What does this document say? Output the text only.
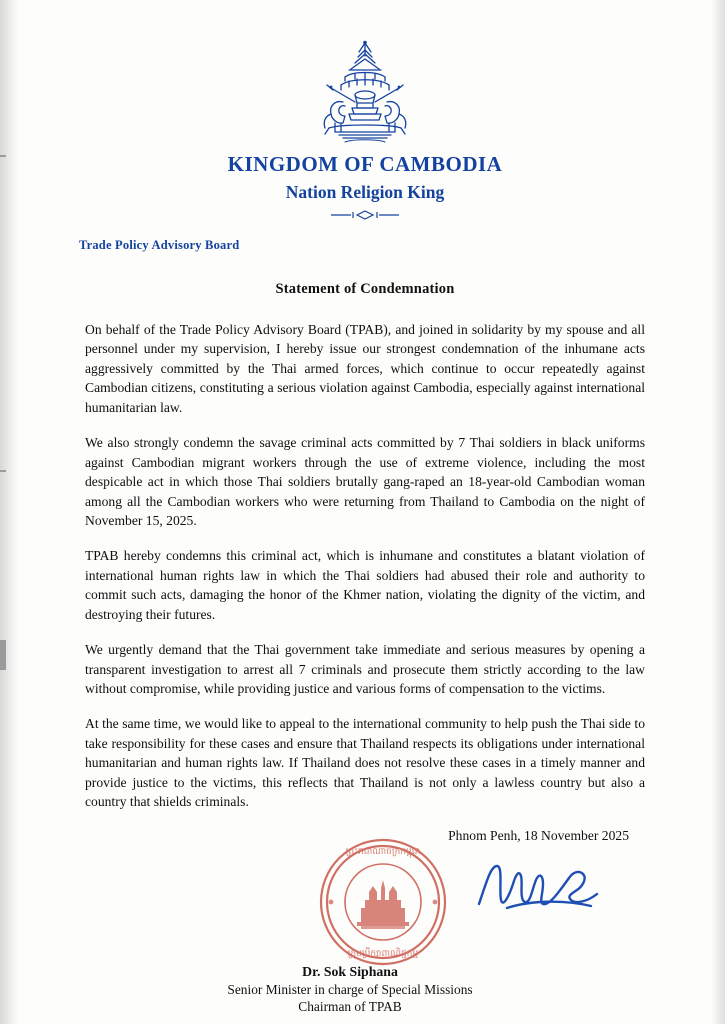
KINGDOM OF CAMBODIA
Nation Religion King
Trade Policy Advisory Board
Statement of Condemnation

On behalf of the Trade Policy Advisory Board (TPAB), and joined in solidarity by my spouse and all personnel under my supervision, I hereby issue our strongest condemnation of the inhumane acts aggressively committed by the Thai armed forces, which continue to occur repeatedly against Cambodian citizens, constituting a serious violation against Cambodia, especially against international humanitarian law.

We also strongly condemn the savage criminal acts committed by 7 Thai soldiers in black uniforms against Cambodian migrant workers through the use of extreme violence, including the most despicable act in which those Thai soldiers brutally gang-raped an 18-year-old Cambodian woman among all the Cambodian workers who were returning from Thailand to Cambodia on the night of November 15, 2025.

TPAB hereby condemns this criminal act, which is inhumane and constitutes a blatant violation of international human rights law in which the Thai soldiers had abused their role and authority to commit such acts, damaging the honor of the Khmer nation, violating the dignity of the victim, and destroying their futures.

We urgently demand that the Thai government take immediate and serious measures by opening a transparent investigation to arrest all 7 criminals and prosecute them strictly according to the law without compromise, while providing justice and various forms of compensation to the victims.

At the same time, we would like to appeal to the international community to help push the Thai side to take responsibility for these cases and ensure that Thailand respects its obligations under international humanitarian and human rights law. If Thailand does not resolve these cases in a timely manner and provide justice to the victims, this reflects that Thailand is not only a lawless country but also a country that shields criminals.

Phnom Penh, 18 November 2025
ព្រះរាជាណាចក្រកម្ពុជា
ក្រុមប្រឹក្សាពាណិជ្ជកម្ម
Dr. Sok Siphana
Senior Minister in charge of Special Missions
Chairman of TPAB
